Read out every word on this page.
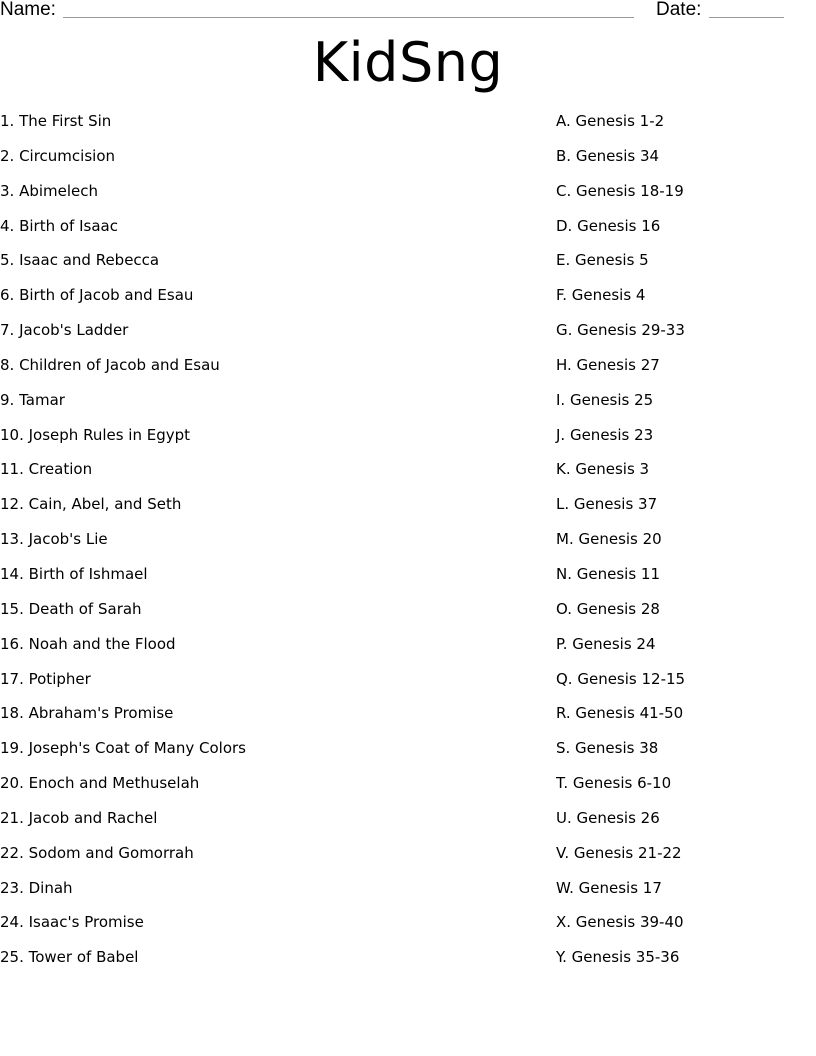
Name:	Date:
KidSng
1. The First Sin
2. Circumcision
3. Abimelech
4. Birth of Isaac
5. Isaac and Rebecca
6. Birth of Jacob and Esau
7. Jacob's Ladder
8. Children of Jacob and Esau
9. Tamar
10. Joseph Rules in Egypt
11. Creation
12. Cain, Abel, and Seth
13. Jacob's Lie
14. Birth of Ishmael
15. Death of Sarah
16. Noah and the Flood
17. Potipher
18. Abraham's Promise
19. Joseph's Coat of Many Colors
20. Enoch and Methuselah
21. Jacob and Rachel
22. Sodom and Gomorrah
23. Dinah
24. Isaac's Promise
25. Tower of Babel
A. Genesis 1-2
B. Genesis 34
C. Genesis 18-19
D. Genesis 16
E. Genesis 5
F. Genesis 4
G. Genesis 29-33
H. Genesis 27
I. Genesis 25
J. Genesis 23
K. Genesis 3
L. Genesis 37
M. Genesis 20
N. Genesis 11
O. Genesis 28
P. Genesis 24
Q. Genesis 12-15
R. Genesis 41-50
S. Genesis 38
T. Genesis 6-10
U. Genesis 26
V. Genesis 21-22
W. Genesis 17
X. Genesis 39-40
Y. Genesis 35-36
